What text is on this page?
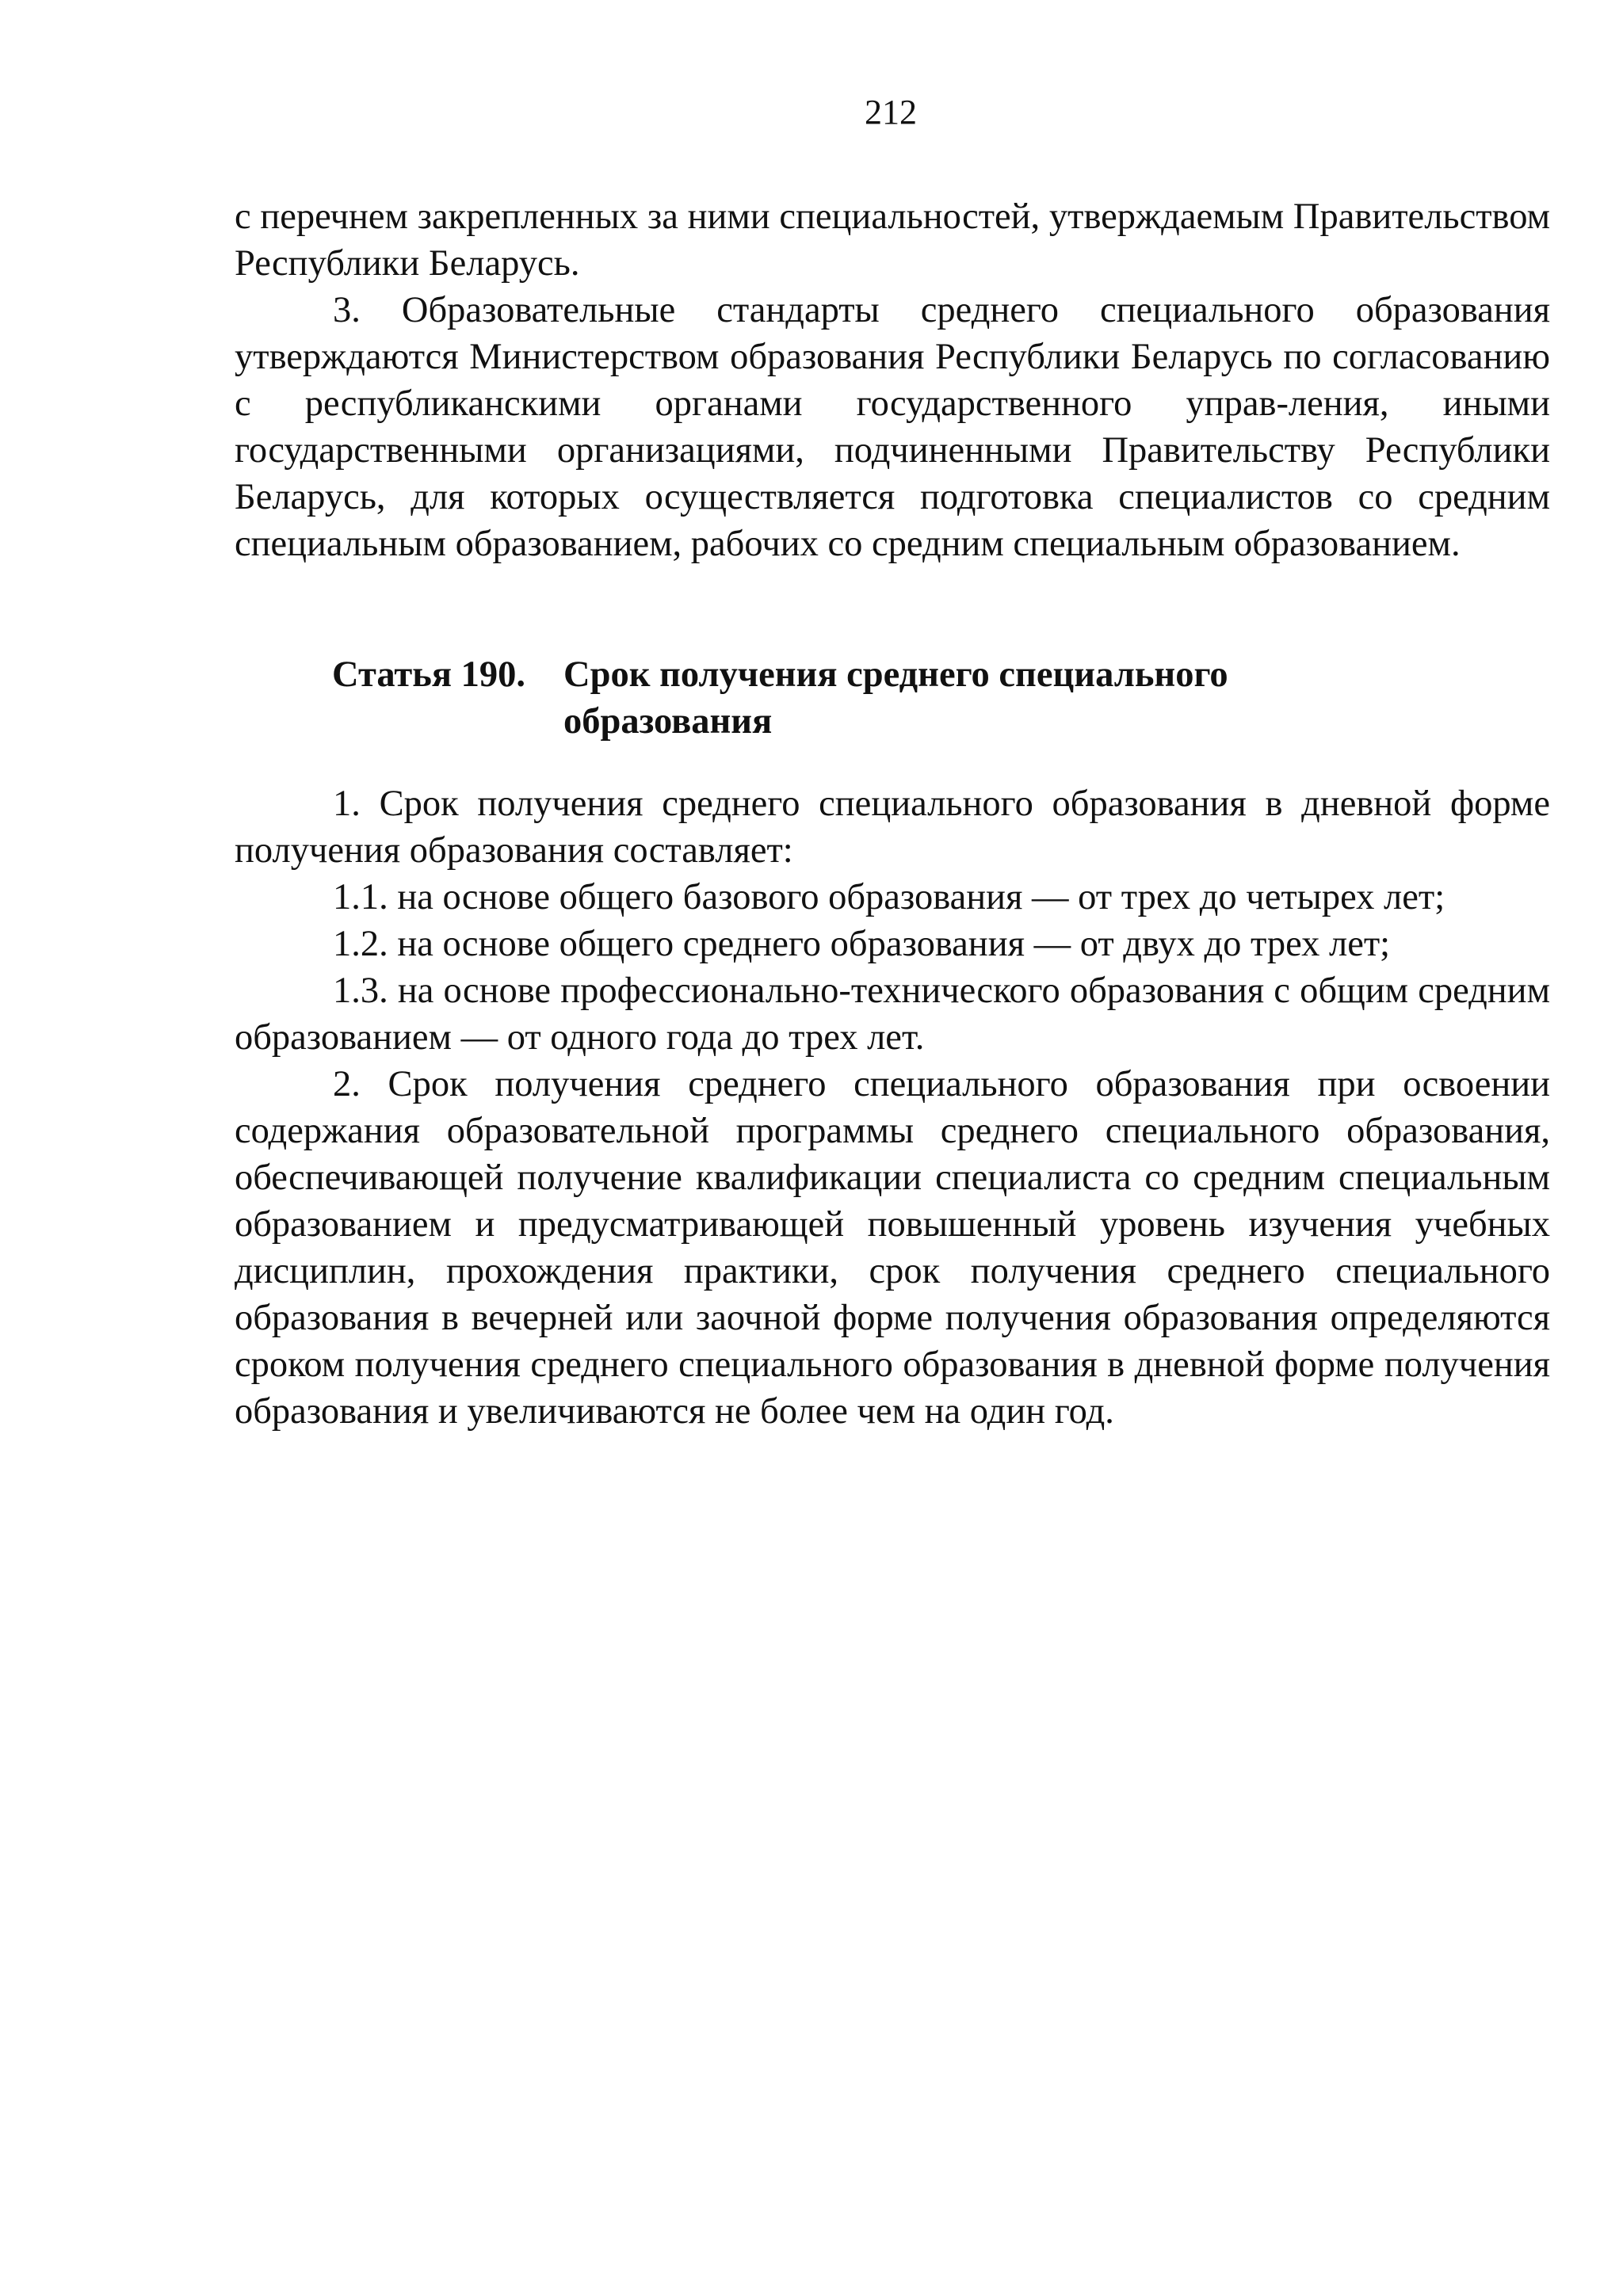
212

с перечнем закрепленных за ними специальностей, утверждаемым Правительством Республики Беларусь.

3. Образовательные стандарты среднего специального образования утверждаются Министерством образования Республики Беларусь по согласованию с республиканскими органами государственного управ-ления, иными государственными организациями, подчиненными Правительству Республики Беларусь, для которых осуществляется подготовка специалистов со средним специальным образованием, рабочих со средним специальным образованием.

Статья 190.	Срок получения среднего специального образования

1. Срок получения среднего специального образования в дневной форме получения образования составляет:

1.1. на основе общего базового образования — от трех до четырех лет;

1.2. на основе общего среднего образования — от двух до трех лет;

1.3. на основе профессионально-технического образования с общим средним образованием — от одного года до трех лет.

2. Срок получения среднего специального образования при освоении содержания образовательной программы среднего специального образования, обеспечивающей получение квалификации специалиста со средним специальным образованием и предусматривающей повышенный уровень изучения учебных дисциплин, прохождения практики, срок получения среднего специального образования в вечерней или заочной форме получения образования определяются сроком получения среднего специального образования в дневной форме получения образования и увеличиваются не более чем на один год.
